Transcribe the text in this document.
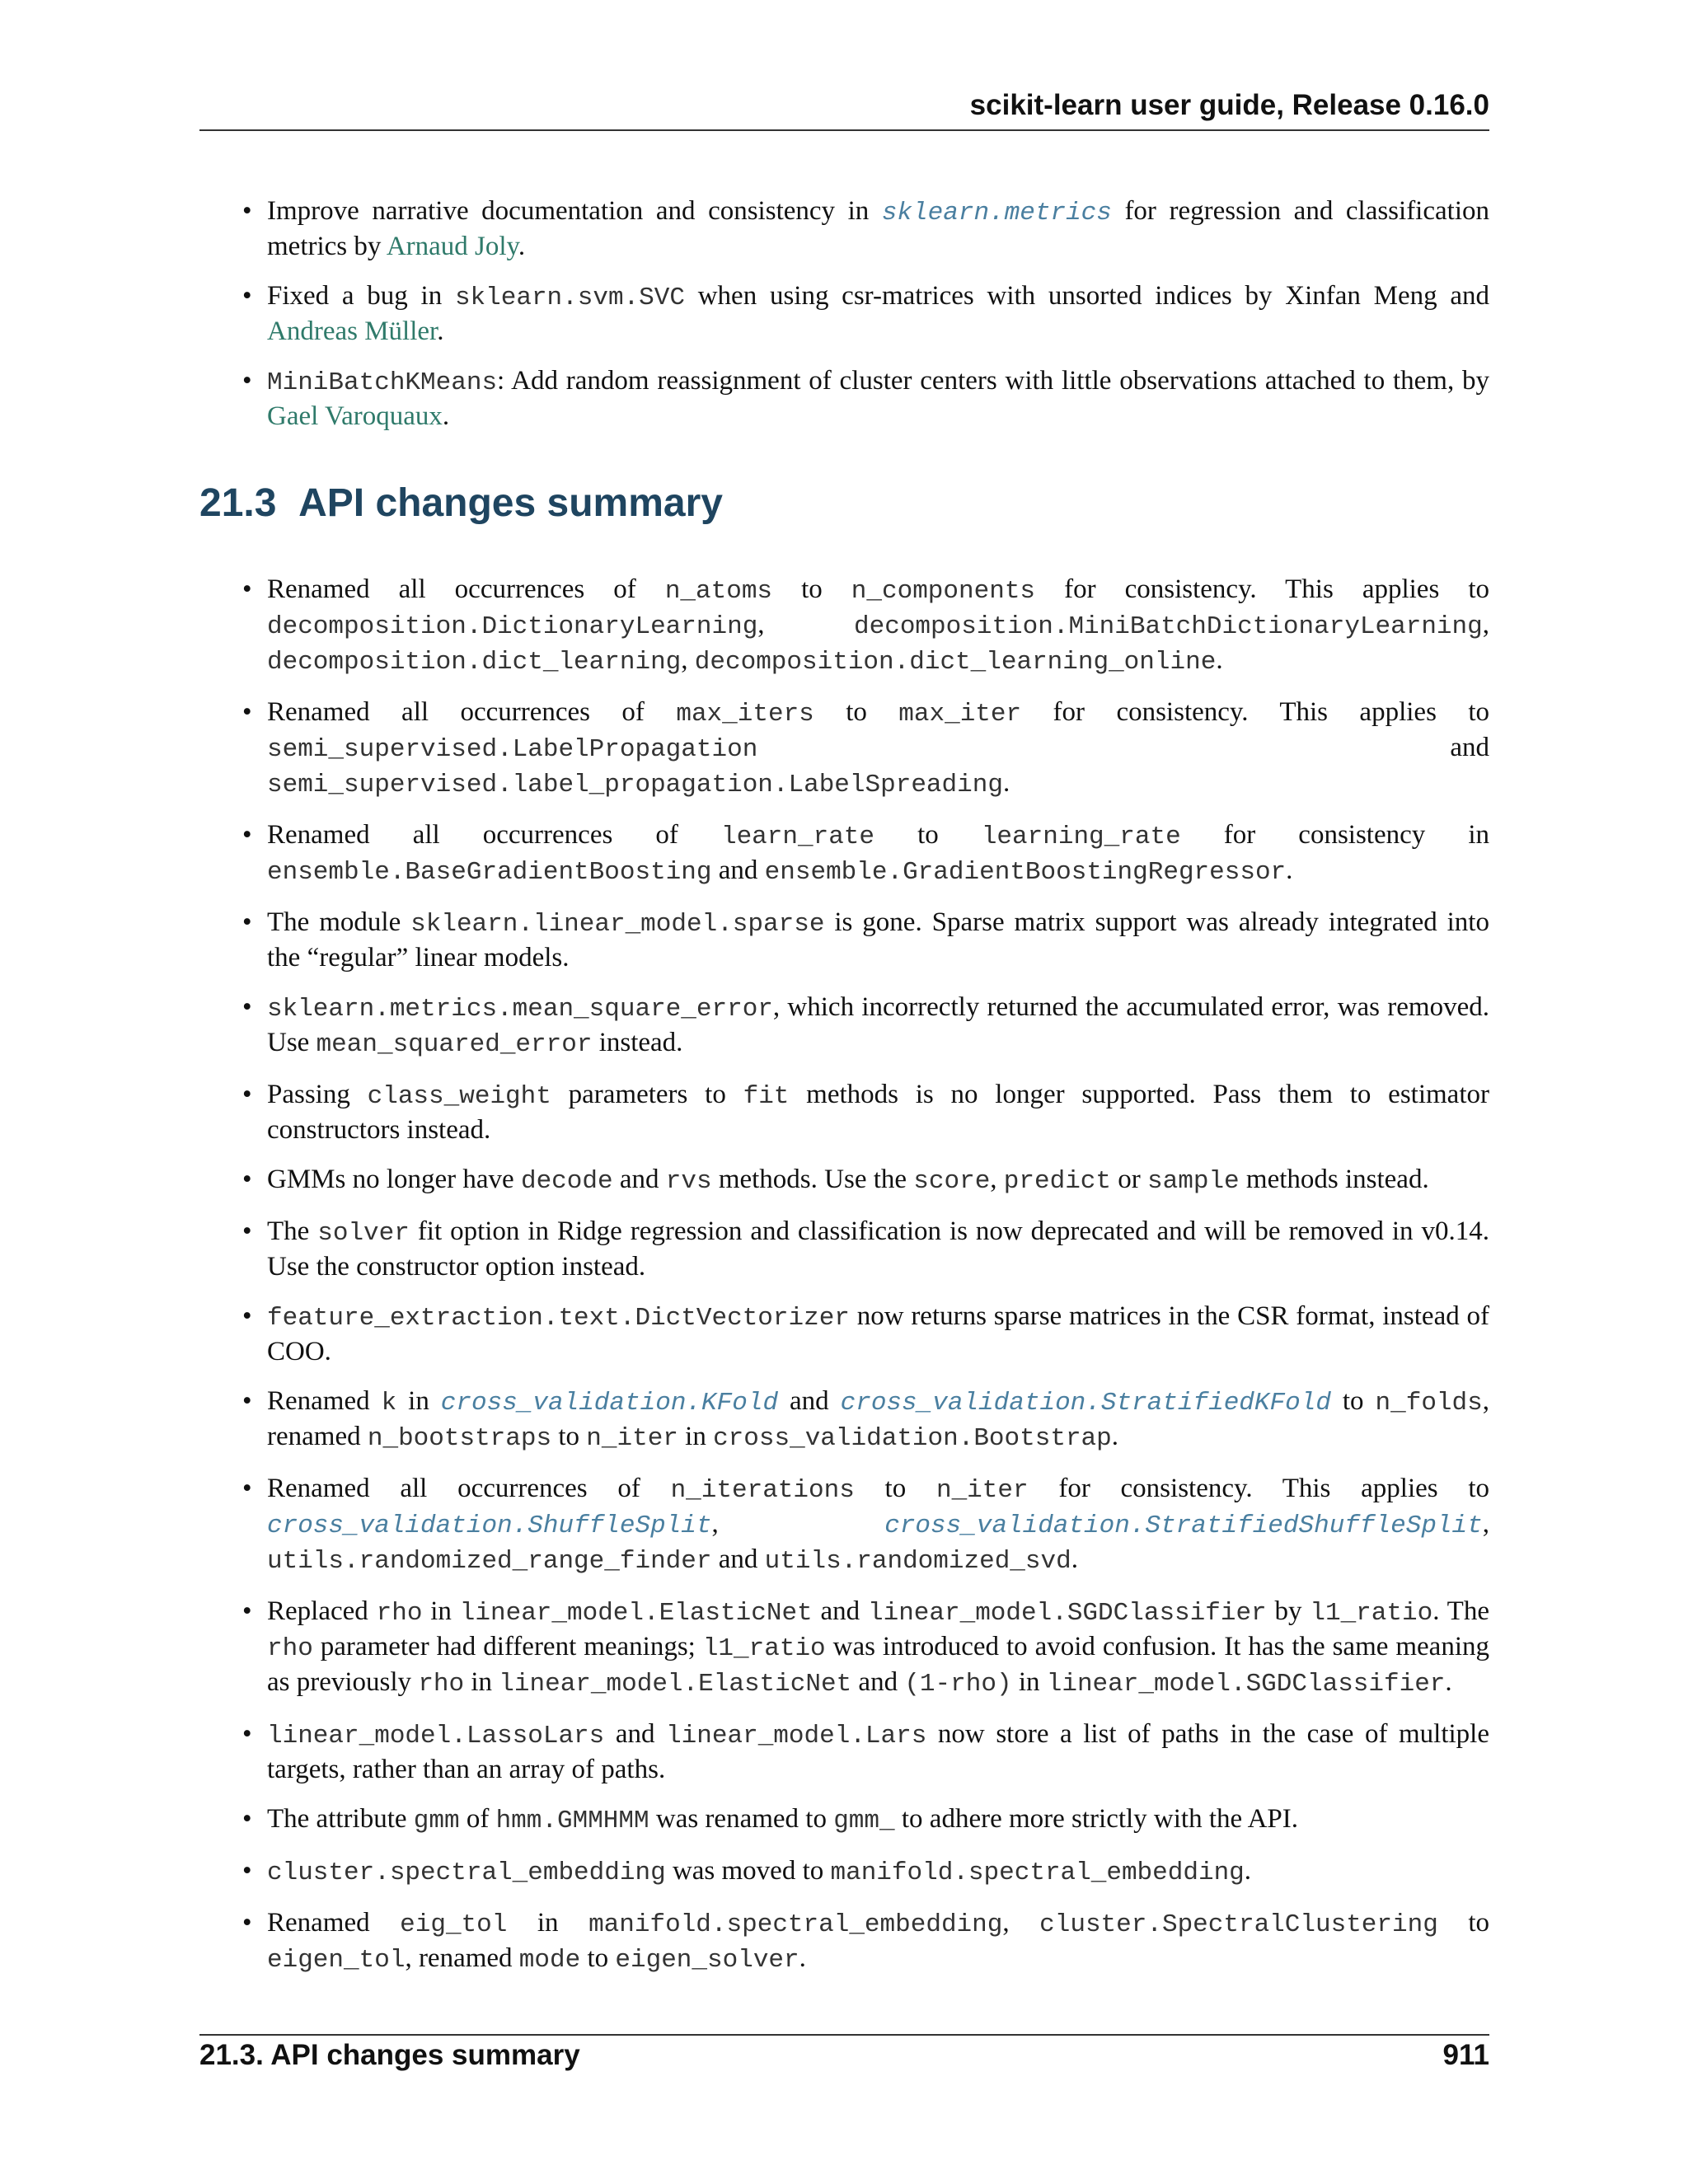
scikit-learn user guide, Release 0.16.0

• Improve narrative documentation and consistency in sklearn.metrics for regression and classification metrics by Arnaud Joly.

• Fixed a bug in sklearn.svm.SVC when using csr-matrices with unsorted indices by Xinfan Meng and Andreas Müller.

• MiniBatchKMeans: Add random reassignment of cluster centers with little observations attached to them, by Gael Varoquaux.

21.3 API changes summary

• Renamed all occurrences of n_atoms to n_components for consistency. This applies to decomposition.DictionaryLearning, decomposition.MiniBatchDictionaryLearning, decomposition.dict_learning, decomposition.dict_learning_online.

• Renamed all occurrences of max_iters to max_iter for consistency. This applies to semi_supervised.LabelPropagation and semi_supervised.label_propagation.LabelSpreading.

• Renamed all occurrences of learn_rate to learning_rate for consistency in ensemble.BaseGradientBoosting and ensemble.GradientBoostingRegressor.

• The module sklearn.linear_model.sparse is gone. Sparse matrix support was already integrated into the “regular” linear models.

• sklearn.metrics.mean_square_error, which incorrectly returned the accumulated error, was removed. Use mean_squared_error instead.

• Passing class_weight parameters to fit methods is no longer supported. Pass them to estimator constructors instead.

• GMMs no longer have decode and rvs methods. Use the score, predict or sample methods instead.

• The solver fit option in Ridge regression and classification is now deprecated and will be removed in v0.14. Use the constructor option instead.

• feature_extraction.text.DictVectorizer now returns sparse matrices in the CSR format, instead of COO.

• Renamed k in cross_validation.KFold and cross_validation.StratifiedKFold to n_folds, renamed n_bootstraps to n_iter in cross_validation.Bootstrap.

• Renamed all occurrences of n_iterations to n_iter for consistency. This applies to cross_validation.ShuffleSplit, cross_validation.StratifiedShuffleSplit, utils.randomized_range_finder and utils.randomized_svd.

• Replaced rho in linear_model.ElasticNet and linear_model.SGDClassifier by l1_ratio. The rho parameter had different meanings; l1_ratio was introduced to avoid confusion. It has the same meaning as previously rho in linear_model.ElasticNet and (1-rho) in linear_model.SGDClassifier.

• linear_model.LassoLars and linear_model.Lars now store a list of paths in the case of multiple targets, rather than an array of paths.

• The attribute gmm of hmm.GMMHMM was renamed to gmm_ to adhere more strictly with the API.

• cluster.spectral_embedding was moved to manifold.spectral_embedding.

• Renamed eig_tol in manifold.spectral_embedding, cluster.SpectralClustering to eigen_tol, renamed mode to eigen_solver.

21.3. API changes summary	911
